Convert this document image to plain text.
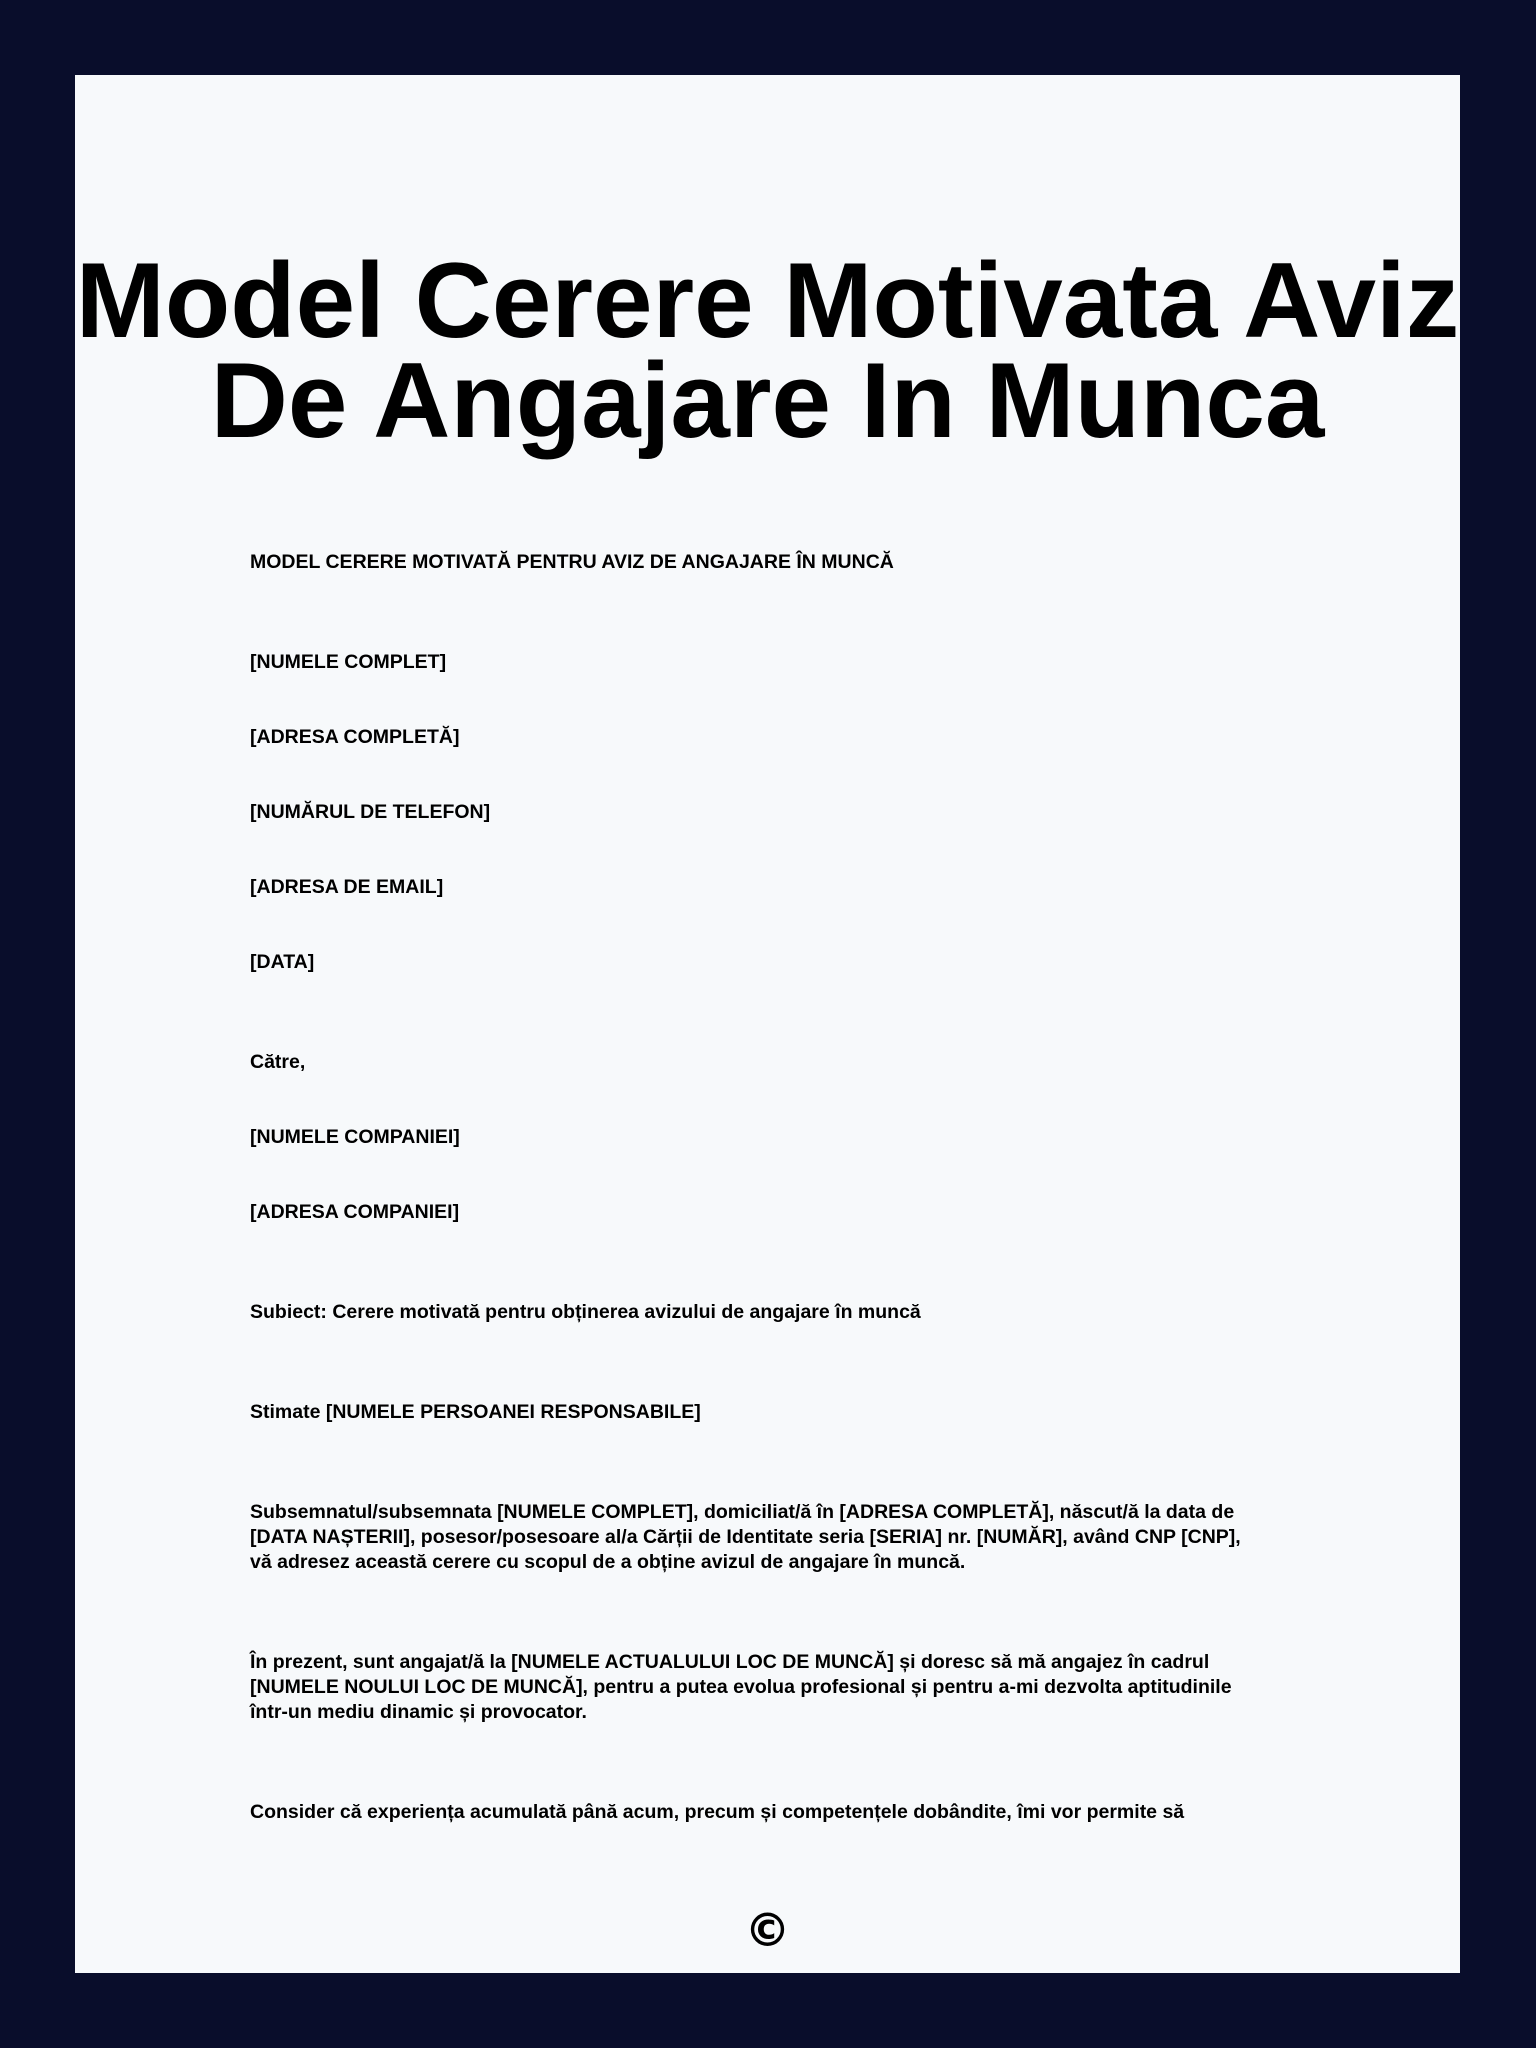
Model Cerere Motivata Aviz De Angajare In Munca

MODEL CERERE MOTIVATĂ PENTRU AVIZ DE ANGAJARE ÎN MUNCĂ

[NUMELE COMPLET]

[ADRESA COMPLETĂ]

[NUMĂRUL DE TELEFON]

[ADRESA DE EMAIL]

[DATA]

Către,

[NUMELE COMPANIEI]

[ADRESA COMPANIEI]

Subiect: Cerere motivată pentru obținerea avizului de angajare în muncă

Stimate [NUMELE PERSOANEI RESPONSABILE]

Subsemnatul/subsemnata [NUMELE COMPLET], domiciliat/ă în [ADRESA COMPLETĂ], născut/ă la data de
[DATA NAȘTERII], posesor/posesoare al/a Cărții de Identitate seria [SERIA] nr. [NUMĂR], având CNP [CNP],
vă adresez această cerere cu scopul de a obține avizul de angajare în muncă.

În prezent, sunt angajat/ă la [NUMELE ACTUALULUI LOC DE MUNCĂ] și doresc să mă angajez în cadrul
[NUMELE NOULUI LOC DE MUNCĂ], pentru a putea evolua profesional și pentru a-mi dezvolta aptitudinile
într-un mediu dinamic și provocator.

Consider că experiența acumulată până acum, precum și competențele dobândite, îmi vor permite să

©
